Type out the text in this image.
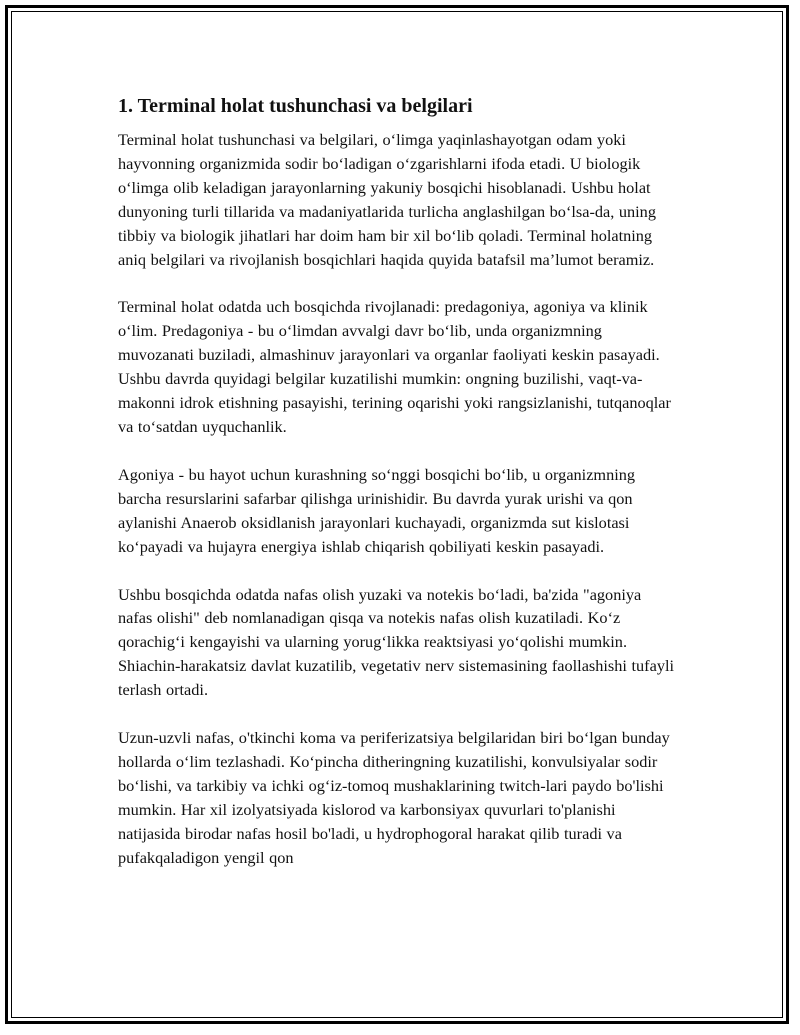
1. Terminal holat tushunchasi va belgilari

Terminal holat tushunchasi va belgilari, o‘limga yaqinlashayotgan odam yoki hayvonning organizmida sodir bo‘ladigan o‘zgarishlarni ifoda etadi. U biologik o‘limga olib keladigan jarayonlarning yakuniy bosqichi hisoblanadi. Ushbu holat dunyoning turli tillarida va madaniyatlarida turlicha anglashilgan bo‘lsa-da, uning tibbiy va biologik jihatlari har doim ham bir xil bo‘lib qoladi. Terminal holatning aniq belgilari va rivojlanish bosqichlari haqida quyida batafsil ma’lumot beramiz.

Terminal holat odatda uch bosqichda rivojlanadi: predagoniya, agoniya va klinik o‘lim. Predagoniya - bu o‘limdan avvalgi davr bo‘lib, unda organizmning muvozanati buziladi, almashinuv jarayonlari va organlar faoliyati keskin pasayadi. Ushbu davrda quyidagi belgilar kuzatilishi mumkin: ongning buzilishi, vaqt-va-makonni idrok etishning pasayishi, terining oqarishi yoki rangsizlanishi, tutqanoqlar va to‘satdan uyquchanlik.

Agoniya - bu hayot uchun kurashning so‘nggi bosqichi bo‘lib, u organizmning barcha resurslarini safarbar qilishga urinishidir. Bu davrda yurak urishi va qon aylanishi Anaerob oksidlanish jarayonlari kuchayadi, organizmda sut kislotasi ko‘payadi va hujayra energiya ishlab chiqarish qobiliyati keskin pasayadi.

Ushbu bosqichda odatda nafas olish yuzaki va notekis bo‘ladi, ba'zida "agoniya nafas olishi" deb nomlanadigan qisqa va notekis nafas olish kuzatiladi. Ko‘z qorachig‘i kengayishi va ularning yorug‘likka reaktsiyasi yo‘qolishi mumkin. Shiachin-harakatsiz davlat kuzatilib, vegetativ nerv sistemasining faollashishi tufayli terlash ortadi.

Uzun-uzvli nafas, o'tkinchi koma va periferizatsiya belgilaridan biri bo‘lgan bunday hollarda o‘lim tezlashadi. Ko‘pincha ditheringning kuzatilishi, konvulsiyalar sodir bo‘lishi, va tarkibiy va ichki og‘iz-tomoq mushaklarining twitch-lari paydo bo'lishi mumkin. Har xil izolyatsiyada kislorod va karbonsiyax quvurlari to'planishi natijasida birodar nafas hosil bo'ladi, u hydrophogoral harakat qilib turadi va pufakqaladigon yengil qon
